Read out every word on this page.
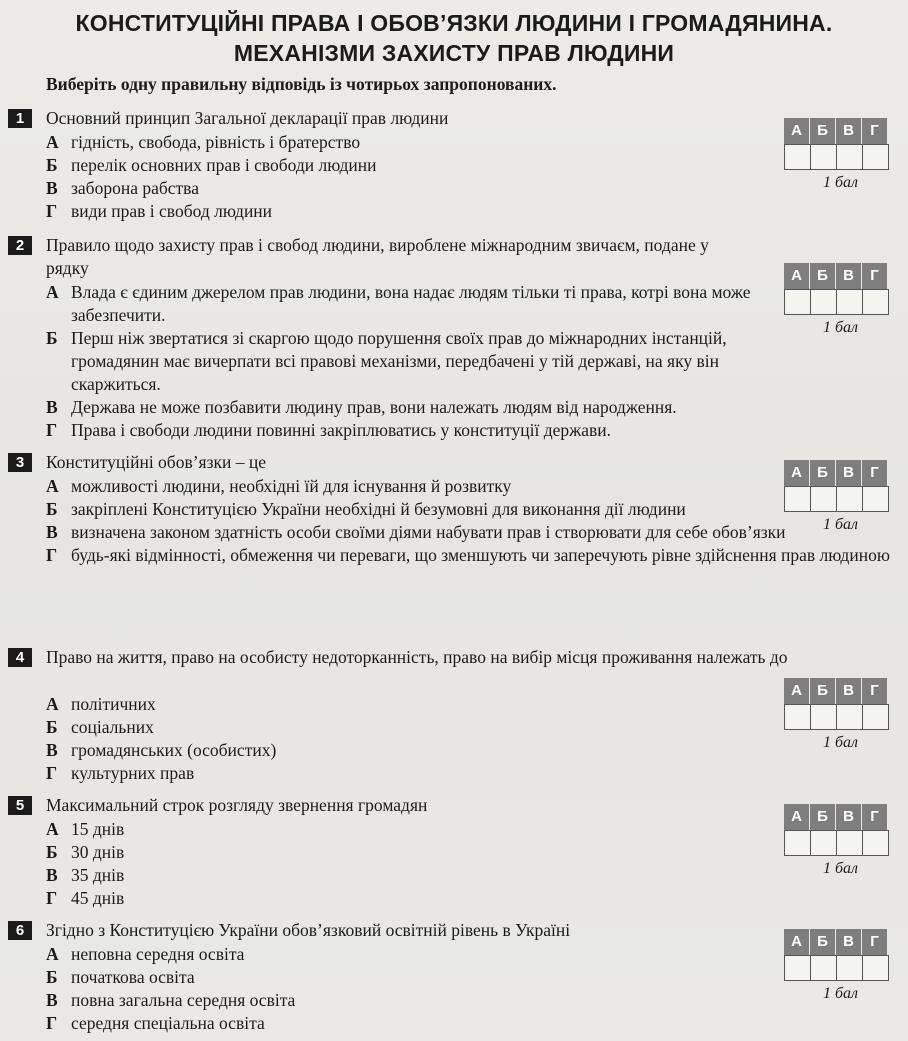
КОНСТИТУЦІЙНІ ПРАВА І ОБОВ’ЯЗКИ ЛЮДИНИ І ГРОМАДЯНИНА.
МЕХАНІЗМИ ЗАХИСТУ ПРАВ ЛЮДИНИ
Виберіть одну правильну відповідь із чотирьох запропонованих.
1	Основний принцип Загальної декларації прав людини
А гідність, свобода, рівність і братерство
Б перелік основних прав і свободи людини
В заборона рабства
Г види прав і свобод людини
А	Б	В	Г
1 бал
2	Правило щодо захисту прав і свобод людини, вироблене міжнародним звичаєм, подане у рядку
А Влада є єдиним джерелом прав людини, вона надає людям тільки ті права, котрі вона може забезпечити.
Б Перш ніж звертатися зі скаргою щодо порушення своїх прав до міжнародних інстанцій, громадянин має вичерпати всі правові механізми, передбачені у тій державі, на яку він скаржиться.
В Держава не може позбавити людину прав, вони належать людям від народження.
Г Права і свободи людини повинні закріплюватись у конституції держави.
А	Б	В	Г
1 бал
3	Конституційні обов’язки – це
А можливості людини, необхідні їй для існування й розвитку
Б закріплені Конституцією України необхідні й безумовні для виконання дії людини
В визначена законом здатність особи своїми діями набувати прав і створювати для себе обов’язки
Г будь-які відмінності, обмеження чи переваги, що зменшують чи заперечують рівне здійснення прав людиною
А	Б	В	Г
1 бал
4	Право на життя, право на особисту недоторканність, право на вибір місця проживання належать до
А політичних
Б соціальних
В громадянських (особистих)
Г культурних прав
А	Б	В	Г
1 бал
5	Максимальний строк розгляду звернення громадян
А 15 днів
Б 30 днів
В 35 днів
Г 45 днів
А	Б	В	Г
1 бал
6	Згідно з Конституцією України обов’язковий освітній рівень в Україні
А неповна середня освіта
Б початкова освіта
В повна загальна середня освіта
Г середня спеціальна освіта
А	Б	В	Г
1 бал
